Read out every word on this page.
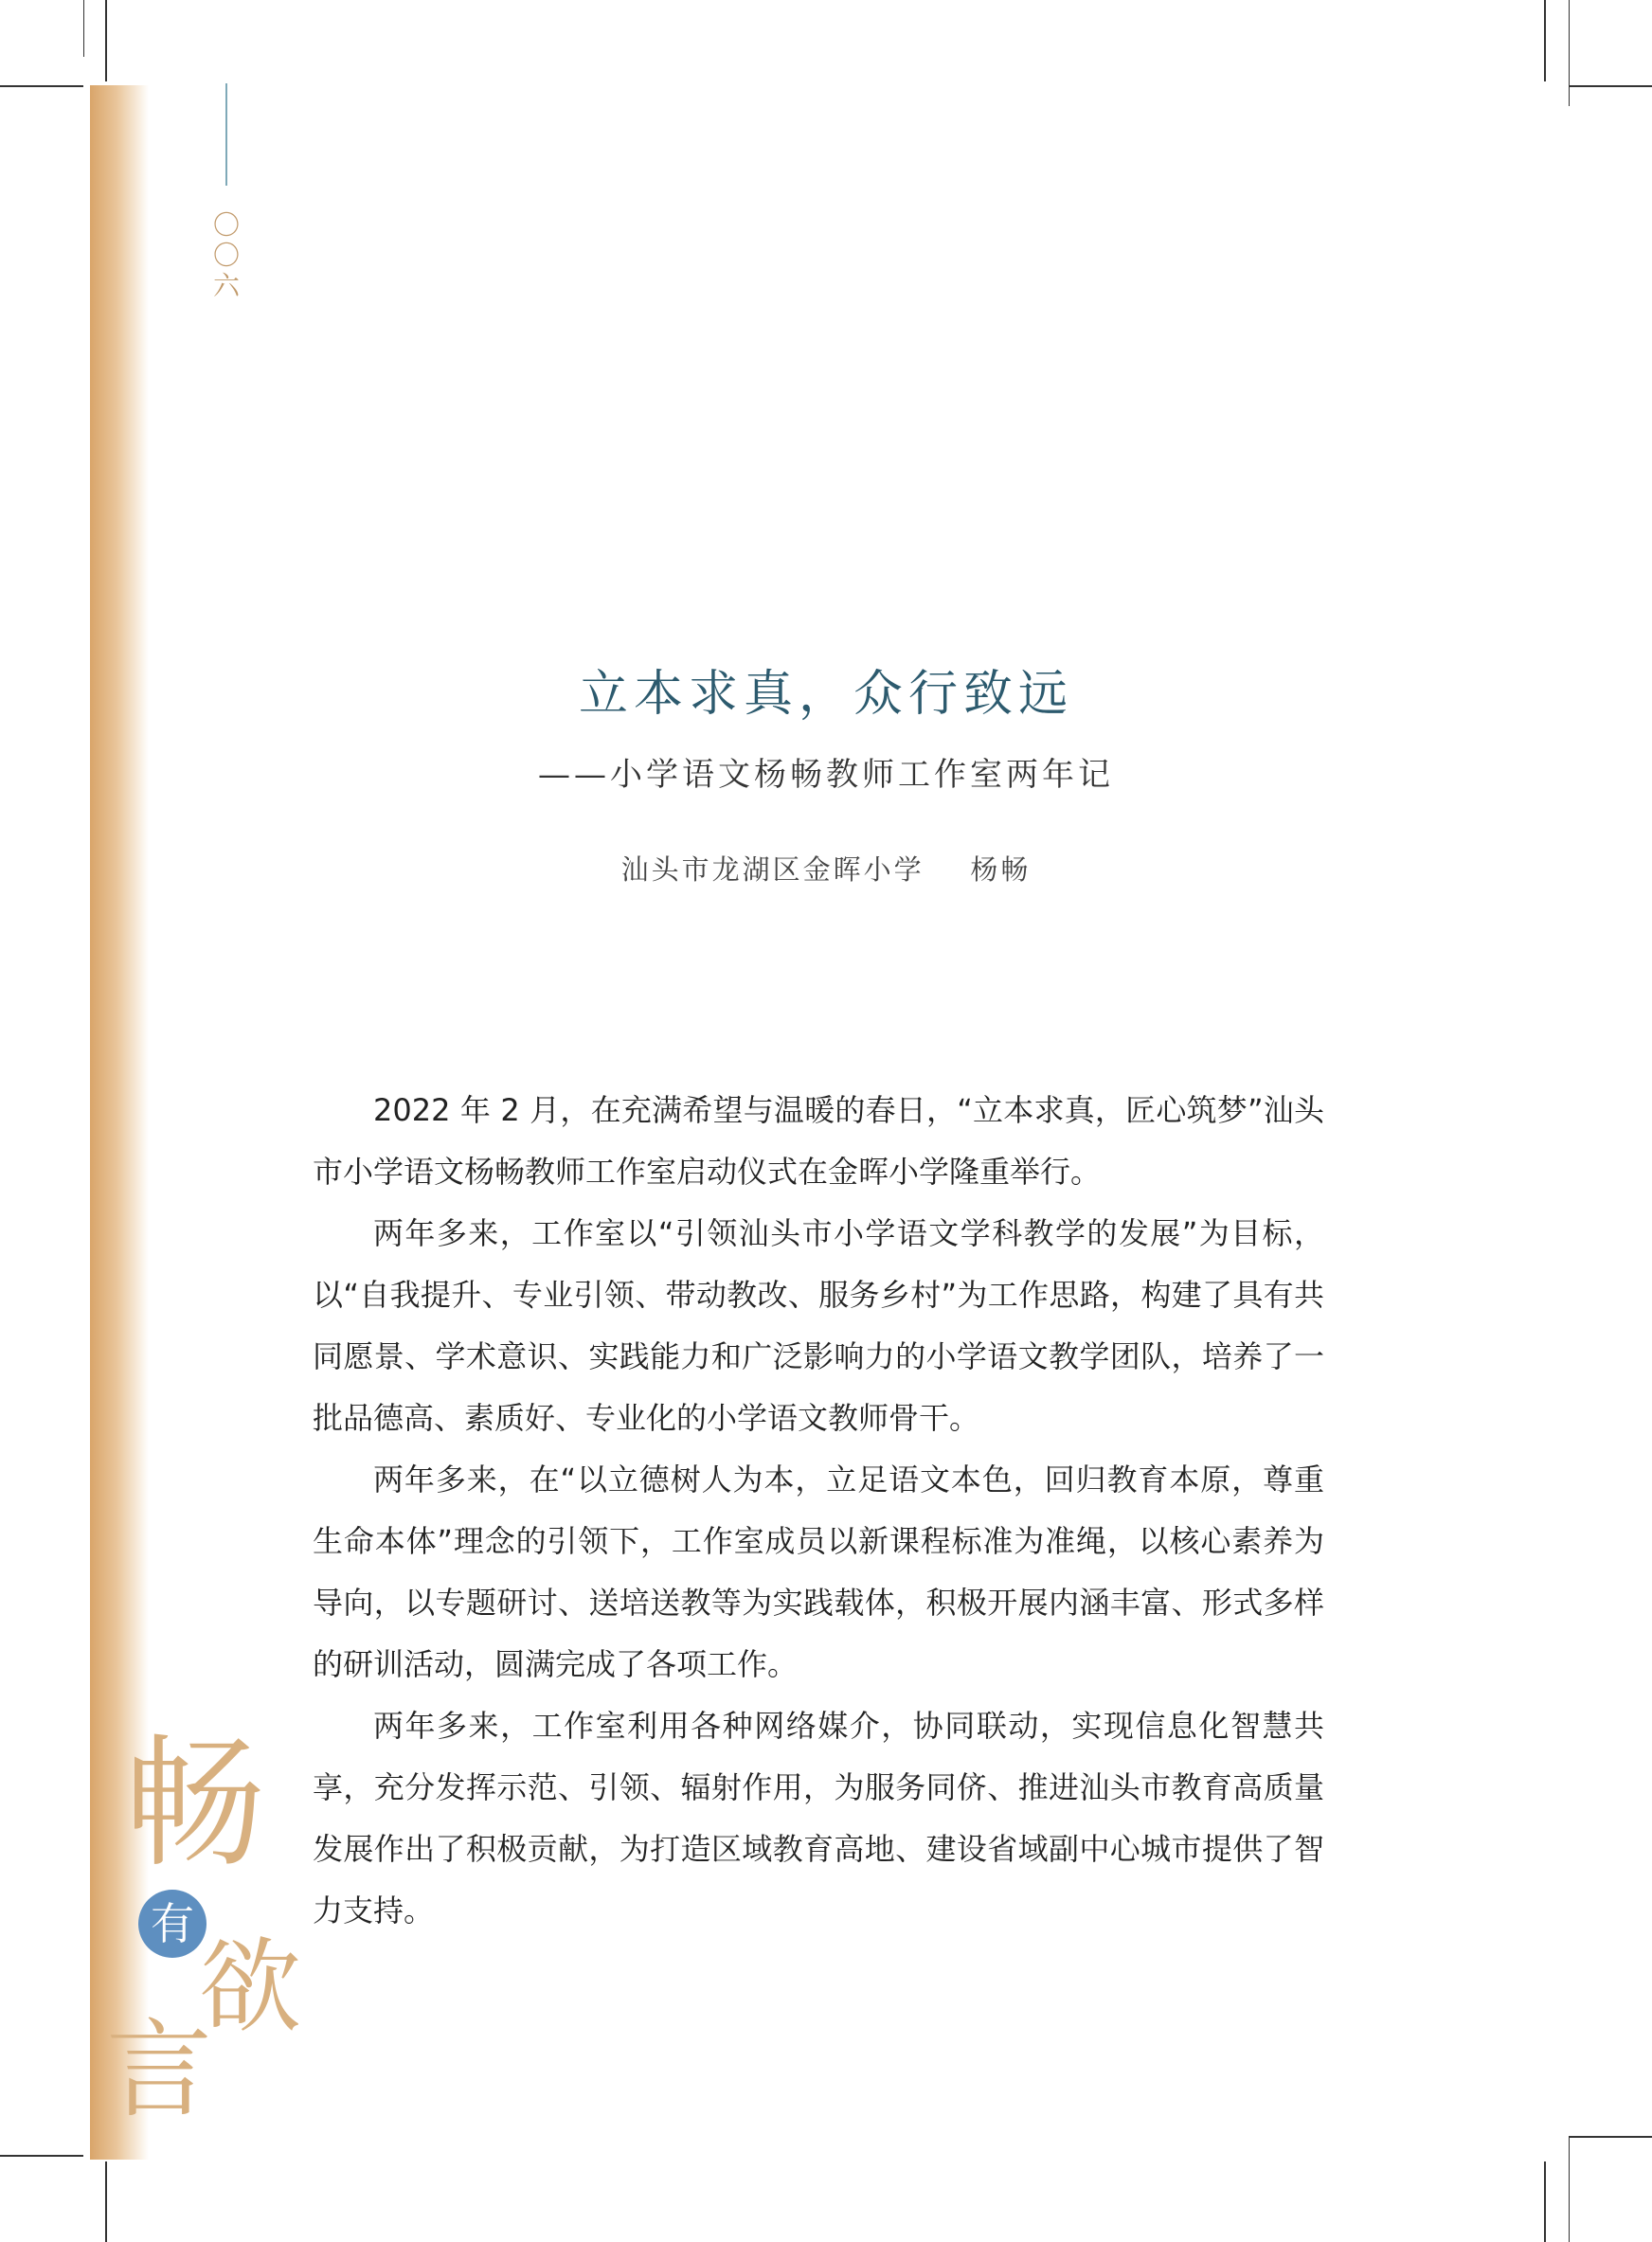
〇
〇
六
立本求真，众行致远
——小学语文杨畅教师工作室两年记
汕头市龙湖区金晖小学    杨畅

2022 年 2 月，在充满希望与温暖的春日，“立本求真，匠心筑梦”汕头市小学语文杨畅教师工作室启动仪式在金晖小学隆重举行。

两年多来，工作室以“引领汕头市小学语文学科教学的发展”为目标，以“自我提升、专业引领、带动教改、服务乡村”为工作思路，构建了具有共同愿景、学术意识、实践能力和广泛影响力的小学语文教学团队，培养了一批品德高、素质好、专业化的小学语文教师骨干。

两年多来，在“以立德树人为本，立足语文本色，回归教育本原，尊重生命本体”理念的引领下，工作室成员以新课程标准为准绳，以核心素养为导向，以专题研讨、送培送教等为实践载体，积极开展内涵丰富、形式多样的研训活动，圆满完成了各项工作。

两年多来，工作室利用各种网络媒介，协同联动，实现信息化智慧共享，充分发挥示范、引领、辐射作用，为服务同侪、推进汕头市教育高质量发展作出了积极贡献，为打造区域教育高地、建设省域副中心城市提供了智力支持。

畅
有
欲
言
